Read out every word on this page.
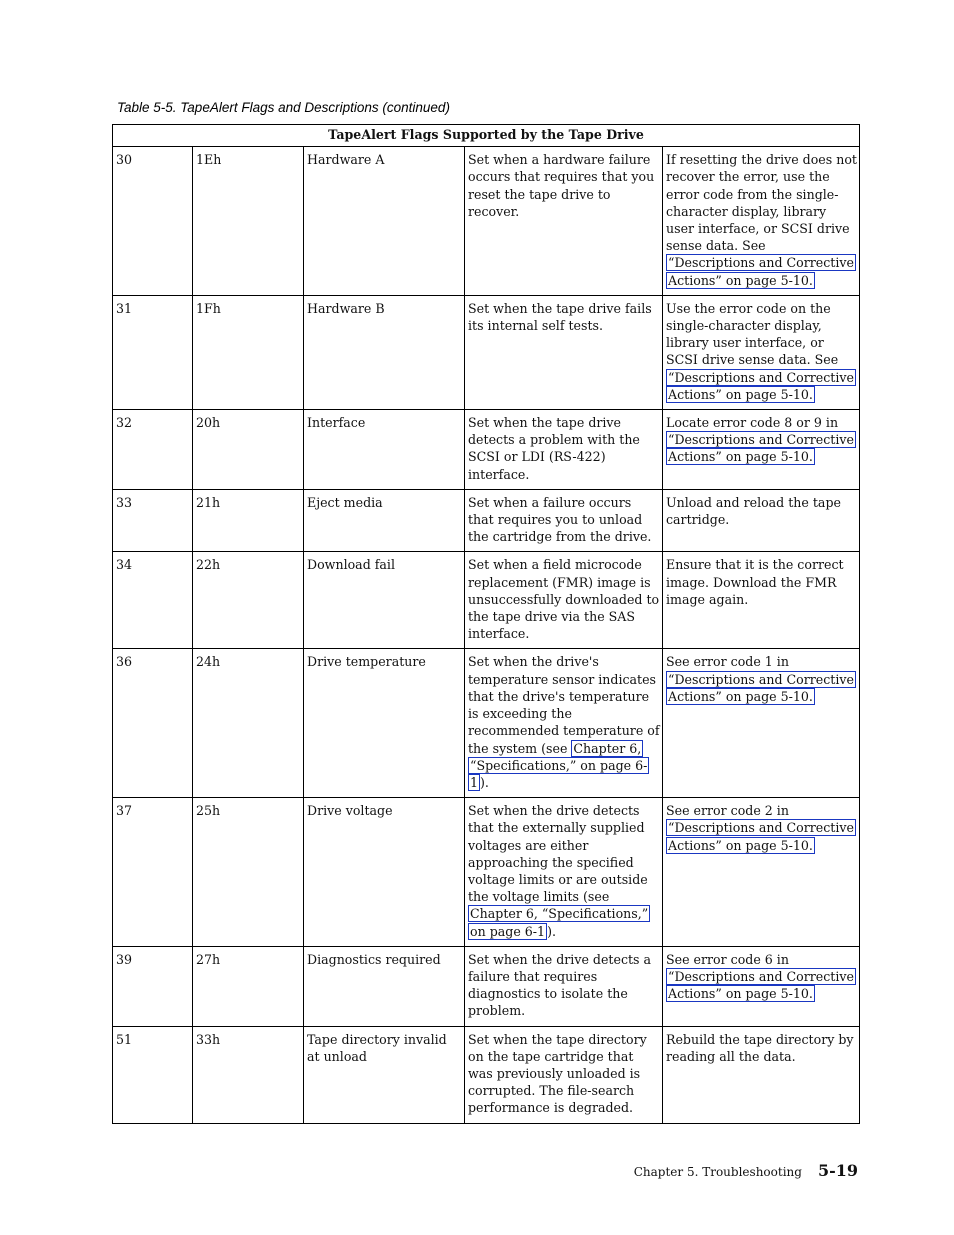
Table 5-5. TapeAlert Flags and Descriptions (continued)
TapeAlert Flags Supported by the Tape Drive				
30	1Eh	Hardware A	Set when a hardware failure occurs that requires that you reset the tape drive to recover.	If resetting the drive does not recover the error, use the error code from the single-character display, library user interface, or SCSI drive sense data. See “Descriptions and Corrective Actions” on page 5-10.
31	1Fh	Hardware B	Set when the tape drive fails its internal self tests.	Use the error code on the single-character display, library user interface, or SCSI drive sense data. See “Descriptions and Corrective Actions” on page 5-10.
32	20h	Interface	Set when the tape drive detects a problem with the SCSI or LDI (RS-422) interface.	Locate error code 8 or 9 in “Descriptions and Corrective Actions” on page 5-10.
33	21h	Eject media	Set when a failure occurs that requires you to unload the cartridge from the drive.	Unload and reload the tape cartridge.
34	22h	Download fail	Set when a field microcode replacement (FMR) image is unsuccessfully downloaded to the tape drive via the SAS interface.	Ensure that it is the correct image. Download the FMR image again.
36	24h	Drive temperature	Set when the drive's temperature sensor indicates that the drive's temperature is exceeding the recommended temperature of the system (see Chapter 6, “Specifications,” on page 6-1 ).	See error code 1 in “Descriptions and Corrective Actions” on page 5-10.
37	25h	Drive voltage	Set when the drive detects that the externally supplied voltages are either approaching the specified voltage limits or are outside the voltage limits (see Chapter 6, “Specifications,” on page 6-1 ).	See error code 2 in “Descriptions and Corrective Actions” on page 5-10.
39	27h	Diagnostics required	Set when the drive detects a failure that requires diagnostics to isolate the problem.	See error code 6 in “Descriptions and Corrective Actions” on page 5-10.
51	33h	Tape directory invalid at unload	Set when the tape directory on the tape cartridge that was previously unloaded is corrupted. The file-search performance is degraded.	Rebuild the tape directory by reading all the data.
Chapter 5. Troubleshooting 5-19
